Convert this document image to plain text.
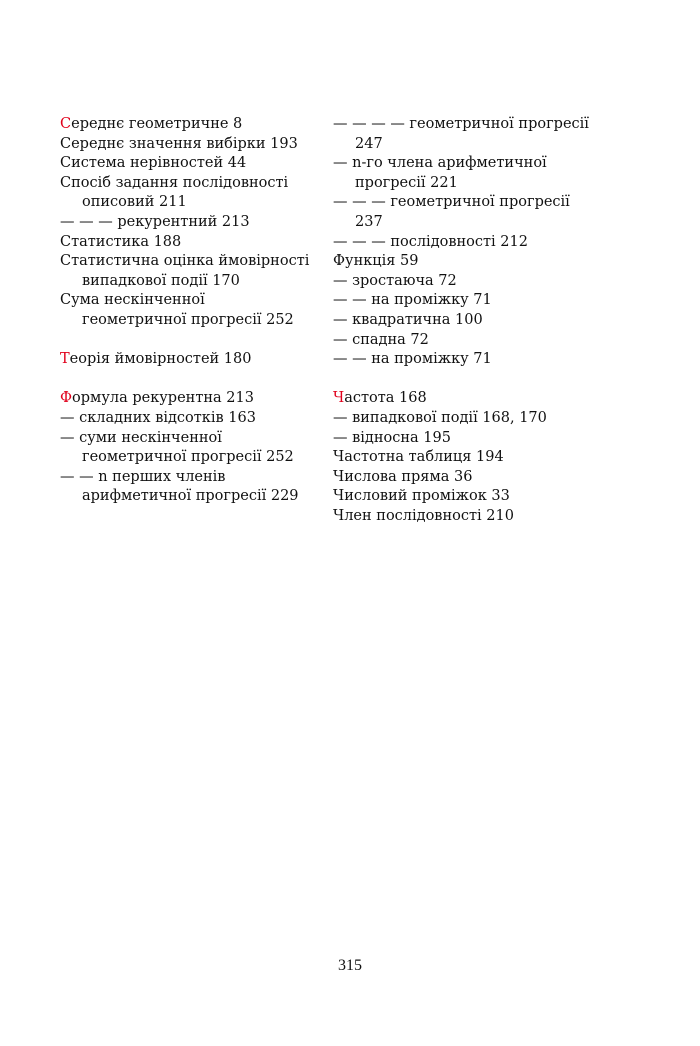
Середнє геометричне 8
Середнє значення вибірки 193
Система нерівностей 44
Спосіб задання послідовності описовий 211
— — — рекурентний 213
Статистика 188
Статистична оцінка ймовірності випадкової події 170
Сума нескінченної геометричної прогресії 252
Теорія ймовірностей 180
Формула рекурентна 213
— складних відсотків 163
— суми нескінченної геометричної прогресії 252
— — n перших членів арифметичної прогресії 229
— — — — геометричної прогресії 247
— n-го члена арифметичної прогресії 221
— — — геометричної прогресії 237
— — — послідовності 212
Функція 59
— зростаюча 72
— — на проміжку 71
— квадратична 100
— спадна 72
— — на проміжку 71
Частота 168
— випадкової події 168, 170
— відносна 195
Частотна таблиця 194
Числова пряма 36
Числовий проміжок 33
Член послідовності 210
315
